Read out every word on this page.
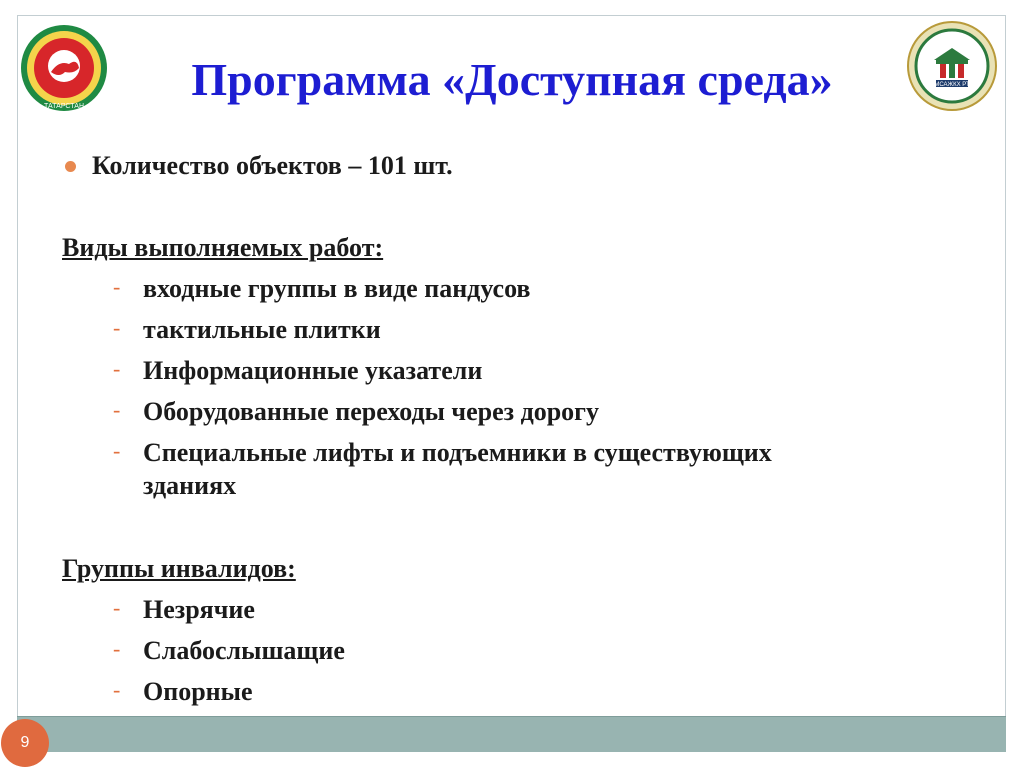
ТАТАРСТАН
МСАЖКХ РТ
Программа «Доступная среда»
Количество объектов – 101 шт.
Виды выполняемых работ:
- входные группы в виде пандусов
- тактильные плитки
- Информационные указатели
- Оборудованные переходы через дорогу
- Специальные лифты и подъемники в существующих
зданиях
Группы инвалидов:
- Незрячие
- Слабослышащие
- Опорные
9
